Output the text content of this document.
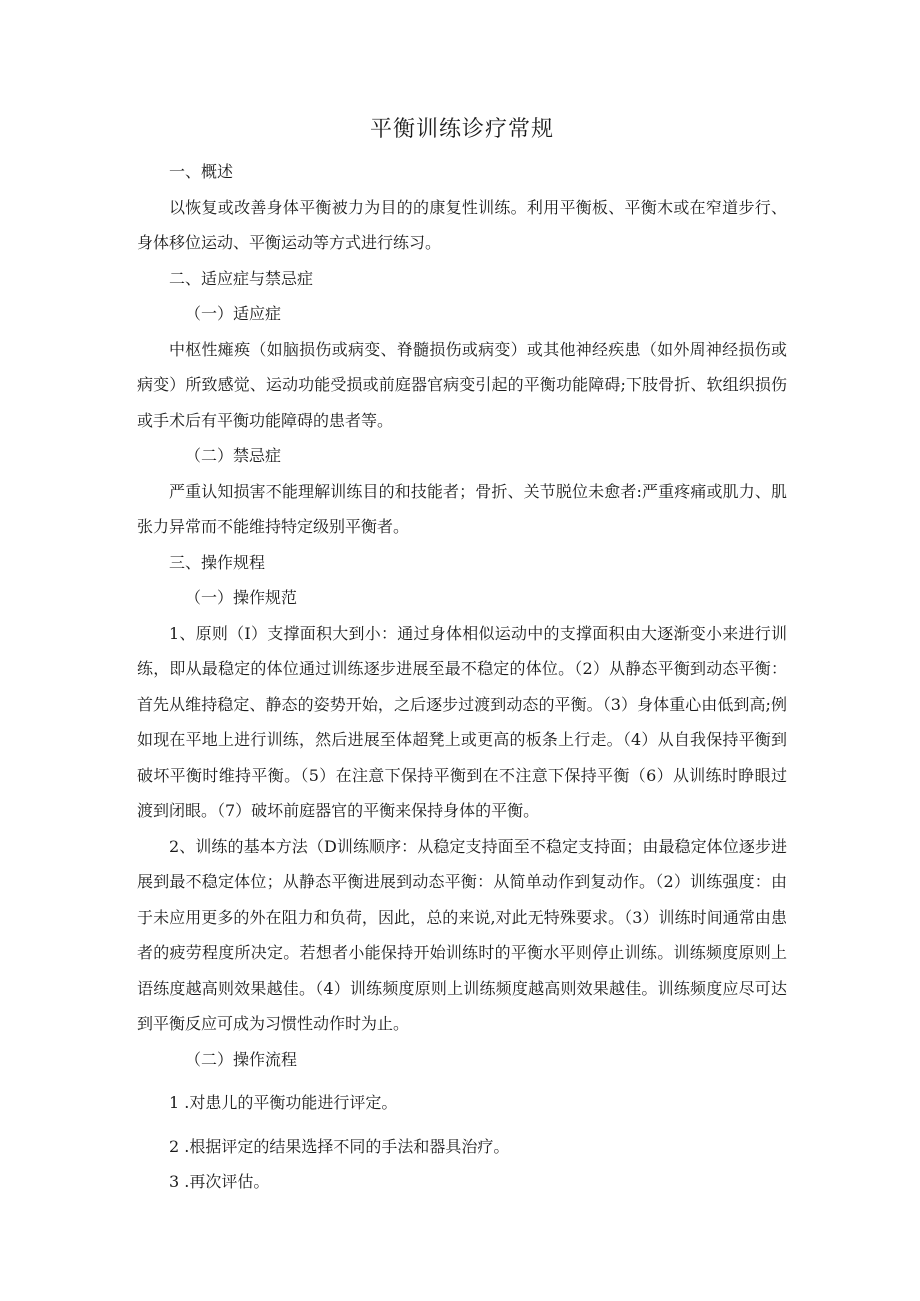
平衡训练诊疗常规
一、概述

以恢复或改善身体平衡被力为目的的康复性训练。利用平衡板、平衡木或在窄道步行、身体移位运动、平衡运动等方式进行练习。

二、适应症与禁忌症
（一）适应症

中枢性瘫痪（如脑损伤或病变、脊髓损伤或病变）或其他神经疾患（如外周神经损伤或病变）所致感觉、运动功能受损或前庭器官病变引起的平衡功能障碍;下肢骨折、软组织损伤或手术后有平衡功能障碍的患者等。

（二）禁忌症

严重认知损害不能理解训练目的和技能者；骨折、关节脱位未愈者:严重疼痛或肌力、肌张力异常而不能维持特定级别平衡者。

三、操作规程
（一）操作规范

1、原则（I）支撑面积大到小：通过身体相似运动中的支撑面积由大逐渐变小来进行训练，即从最稳定的体位通过训练逐步进展至最不稳定的体位。（2）从静态平衡到动态平衡：首先从维持稳定、静态的姿势开始，之后逐步过渡到动态的平衡。（3）身体重心由低到高;例如现在平地上进行训练，然后进展至体超凳上或更高的板条上行走。（4）从自我保持平衡到破坏平衡时维持平衡。（5）在注意下保持平衡到在不注意下保持平衡（6）从训练时睁眼过渡到闭眼。（7）破坏前庭器官的平衡来保持身体的平衡。

2、训练的基本方法（D训练顺序：从稳定支持面至不稳定支持面；由最稳定体位逐步进展到最不稳定体位；从静态平衡进展到动态平衡：从简单动作到复动作。（2）训练强度：由于未应用更多的外在阻力和负荷，因此，总的来说,对此无特殊要求。（3）训练时间通常由患者的疲劳程度所决定。若想者小能保持开始训练时的平衡水平则停止训练。训练频度原则上语练度越高则效果越佳。（4）训练频度原则上训练频度越高则效果越佳。训练频度应尽可达到平衡反应可成为习惯性动作时为止。

（二）操作流程
1 .对患儿的平衡功能进行评定。
2 .根据评定的结果选择不同的手法和器具治疗。
3 .再次评估。
